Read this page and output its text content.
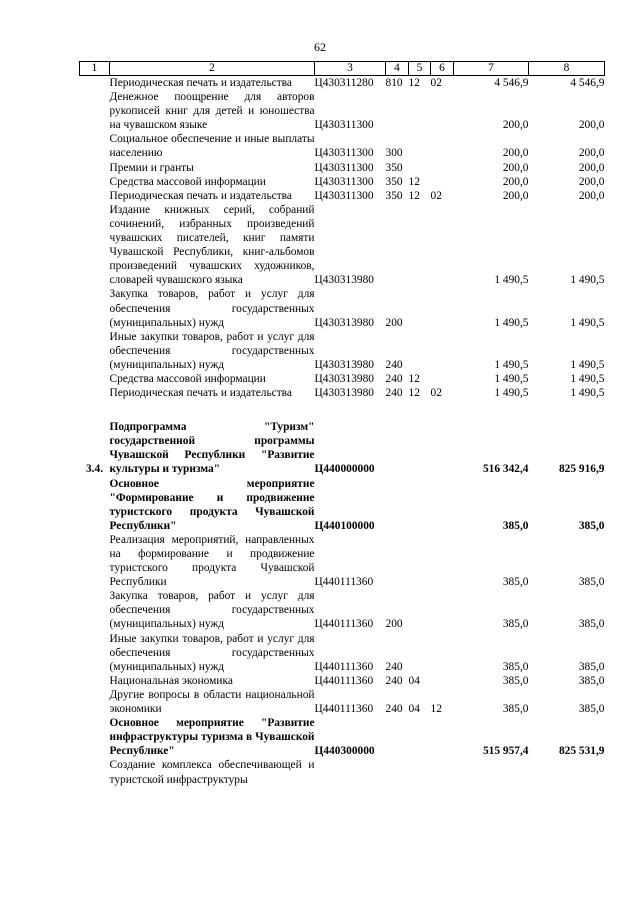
62
1	2	3	4	5	6	7	8
	Периодическая печать и издательства	Ц430311280	810	12	02	4 546,9	4 546,9
	Денежное поощрение для авторов рукописей книг для детей и юношества на чувашском языке	Ц430311300				200,0	200,0
	Социальное обеспечение и иные выплаты населению	Ц430311300	300			200,0	200,0
	Премии и гранты	Ц430311300	350			200,0	200,0
	Средства массовой информации	Ц430311300	350	12		200,0	200,0
	Периодическая печать и издательства	Ц430311300	350	12	02	200,0	200,0
	Издание книжных серий, собраний сочинений, избранных произведений чувашских писателей, книг памяти Чувашской Республики, книг-альбомов произведений чувашских художников, словарей чувашского языка	Ц430313980				1 490,5	1 490,5
	Закупка товаров, работ и услуг для обеспечения государственных (муниципальных) нужд	Ц430313980	200			1 490,5	1 490,5
	Иные закупки товаров, работ и услуг для обеспечения государственных (муниципальных) нужд	Ц430313980	240			1 490,5	1 490,5
	Средства массовой информации	Ц430313980	240	12		1 490,5	1 490,5
	Периодическая печать и издательства	Ц430313980	240	12	02	1 490,5	1 490,5

3.4.	Подпрограмма "Туризм" государственной программы Чувашской Республики "Развитие культуры и туризма"	Ц440000000				516 342,4	825 916,9
	Основное мероприятие "Формирование и продвижение туристского продукта Чувашской Республики"	Ц440100000				385,0	385,0
	Реализация мероприятий, направленных на формирование и продвижение туристского продукта Чувашской Республики	Ц440111360				385,0	385,0
	Закупка товаров, работ и услуг для обеспечения государственных (муниципальных) нужд	Ц440111360	200			385,0	385,0
	Иные закупки товаров, работ и услуг для обеспечения государственных (муниципальных) нужд	Ц440111360	240			385,0	385,0
	Национальная экономика	Ц440111360	240	04		385,0	385,0
	Другие вопросы в области национальной экономики	Ц440111360	240	04	12	385,0	385,0
	Основное мероприятие "Развитие инфраструктуры туризма в Чувашской Республике"	Ц440300000				515 957,4	825 531,9
	Создание комплекса обеспечивающей и туристской инфраструктуры						
